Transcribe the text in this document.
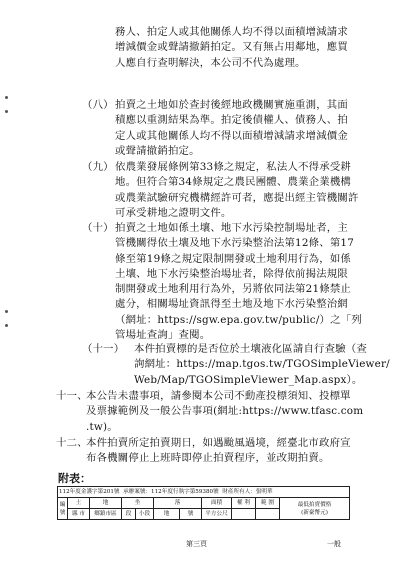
務人、拍定人或其他關係人均不得以面積增減請求
增減價金或聲請撤銷拍定。又有無占用鄰地，應買
人應自行查明解決，本公司不代為處理。
（八） 拍賣之土地如於查封後經地政機關實施重測，其面
積應以重測結果為準。拍定後債權人、債務人、拍
定人或其他關係人均不得以面積增減請求增減價金
或聲請撤銷拍定。
（九） 依農業發展條例第33條之規定，私法人不得承受耕
地。但符合第34條規定之農民團體、農業企業機構
或農業試驗研究機構經許可者，應提出經主管機關許
可承受耕地之證明文件。
（十） 拍賣之土地如係土壤、地下水污染控制場址者，主
管機關得依土壤及地下水污染整治法第12條、第17
條至第19條之規定限制開發或土地利用行為，如係
土壤、地下水污染整治場址者，除得依前揭法規限
制開發或土地利用行為外，另將依同法第21條禁止
處分，相關場址資訊得至土地及地下水污染整治網
（網址：https://sgw.epa.gov.tw/public/）之「列
管場址查詢」查閱。
（十一） 本件拍賣標的是否位於土壤液化區請自行查驗（查
詢網址：https://map.tgos.tw/TGOSimpleViewer/
Web/Map/TGOSimpleViewer_Map.aspx）。
十一、
本公告未盡事項，請參閱本公司不動產投標須知、投標單
及票據範例及一般公告事項(網址:https://www.tfasc.com
.tw)。
十二、
本件拍賣所定拍賣期日，如遇颱風過境，經臺北市政府宣
布各機關停止上班時即停止拍賣程序，並改期拍賣。
附表：
112年度金護字第201號 承辦案號：112年度行執字第59380號 財產所有人：張明華										
編
號	土	地	坐		落		面積	權 利	範 圍	最低拍賣價格
(新臺幣元)
	縣 市	鄉鎮市區	段	小段	地	號	平方公尺			
第三頁	一般
